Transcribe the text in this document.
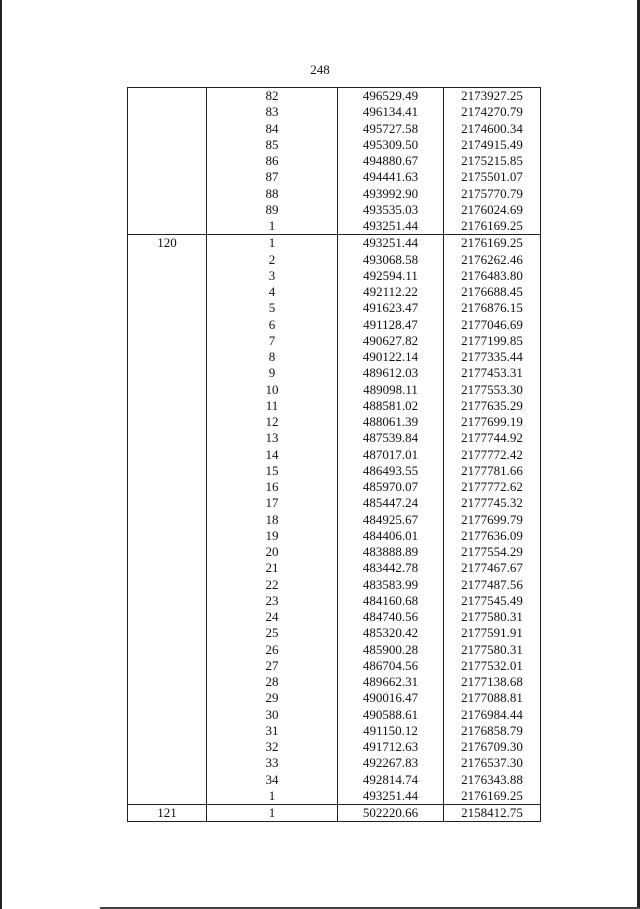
248
	82	496529.49	2173927.25
	83	496134.41	2174270.79
	84	495727.58	2174600.34
	85	495309.50	2174915.49
	86	494880.67	2175215.85
	87	494441.63	2175501.07
	88	493992.90	2175770.79
	89	493535.03	2176024.69
	1	493251.44	2176169.25
120	1	493251.44	2176169.25
	2	493068.58	2176262.46
	3	492594.11	2176483.80
	4	492112.22	2176688.45
	5	491623.47	2176876.15
	6	491128.47	2177046.69
	7	490627.82	2177199.85
	8	490122.14	2177335.44
	9	489612.03	2177453.31
	10	489098.11	2177553.30
	11	488581.02	2177635.29
	12	488061.39	2177699.19
	13	487539.84	2177744.92
	14	487017.01	2177772.42
	15	486493.55	2177781.66
	16	485970.07	2177772.62
	17	485447.24	2177745.32
	18	484925.67	2177699.79
	19	484406.01	2177636.09
	20	483888.89	2177554.29
	21	483442.78	2177467.67
	22	483583.99	2177487.56
	23	484160.68	2177545.49
	24	484740.56	2177580.31
	25	485320.42	2177591.91
	26	485900.28	2177580.31
	27	486704.56	2177532.01
	28	489662.31	2177138.68
	29	490016.47	2177088.81
	30	490588.61	2176984.44
	31	491150.12	2176858.79
	32	491712.63	2176709.30
	33	492267.83	2176537.30
	34	492814.74	2176343.88
	1	493251.44	2176169.25
121	1	502220.66	2158412.75
